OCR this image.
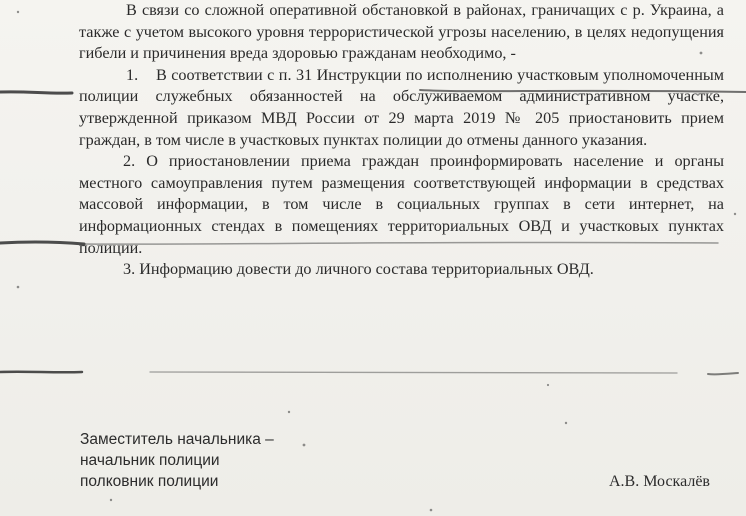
В связи со сложной оперативной обстановкой в районах, граничащих с р. Украина, а также с учетом высокого уровня террористической угрозы населению, в целях недопущения гибели и причинения вреда здоровью гражданам необходимо, -

1. В соответствии с п. 31 Инструкции по исполнению участковым уполномоченным полиции служебных обязанностей на обслуживаемом административном участке, утвержденной приказом МВД России от 29 марта 2019 № 205 приостановить прием граждан, в том числе в участковых пунктах полиции до отмены данного указания.

2. О приостановлении приема граждан проинформировать население и органы местного самоуправления путем размещения соответствующей информации в средствах массовой информации, в том числе в социальных группах в сети интернет, на информационных стендах в помещениях территориальных ОВД и участковых пунктах полиции.

3. Информацию довести до личного состава территориальных ОВД.

Заместитель начальника –
начальник полиции
полковник полиции	А.В. Москалёв
